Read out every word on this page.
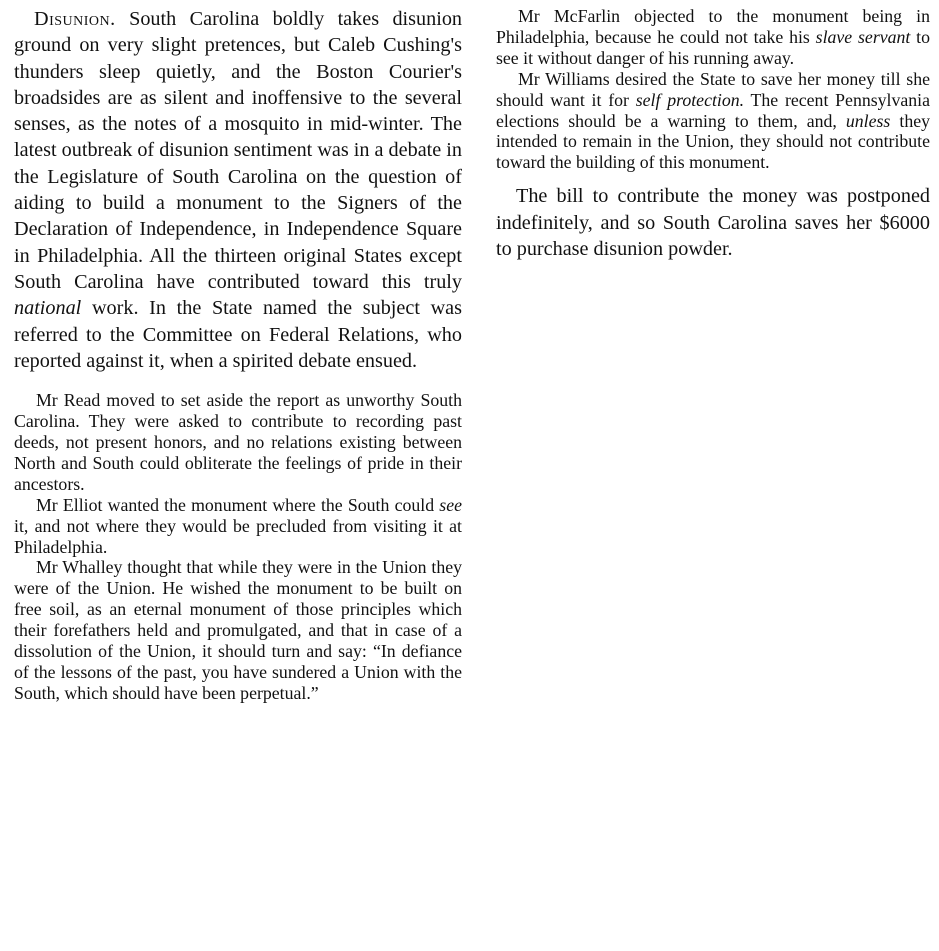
Disunion. South Carolina boldly takes disunion ground on very slight pretences, but Caleb Cushing's thunders sleep quietly, and the Boston Courier's broadsides are as silent and inoffensive to the several senses, as the notes of a mosquito in mid-winter. The latest outbreak of disunion sentiment was in a debate in the Legislature of South Carolina on the question of aiding to build a monument to the Signers of the Declaration of Independence, in Independence Square in Philadelphia. All the thirteen original States except South Carolina have contributed toward this truly national work. In the State named the subject was referred to the Committee on Federal Relations, who reported against it, when a spirited debate ensued.

Mr Read moved to set aside the report as unworthy South Carolina. They were asked to contribute to recording past deeds, not present honors, and no relations existing between North and South could obliterate the feelings of pride in their ancestors.

Mr Elliot wanted the monument where the South could see it, and not where they would be precluded from visiting it at Philadelphia.

Mr Whalley thought that while they were in the Union they were of the Union. He wished the monument to be built on free soil, as an eternal monument of those principles which their forefathers held and promulgated, and that in case of a dissolution of the Union, it should turn and say: “In defiance of the lessons of the past, you have sundered a Union with the South, which should have been perpetual.”

Mr McFarlin objected to the monument being in Philadelphia, because he could not take his slave servant to see it without danger of his running away.

Mr Williams desired the State to save her money till she should want it for self protection. The recent Pennsylvania elections should be a warning to them, and, unless they intended to remain in the Union, they should not contribute toward the building of this monument.

The bill to contribute the money was postponed indefinitely, and so South Carolina saves her $6000 to purchase disunion powder.
